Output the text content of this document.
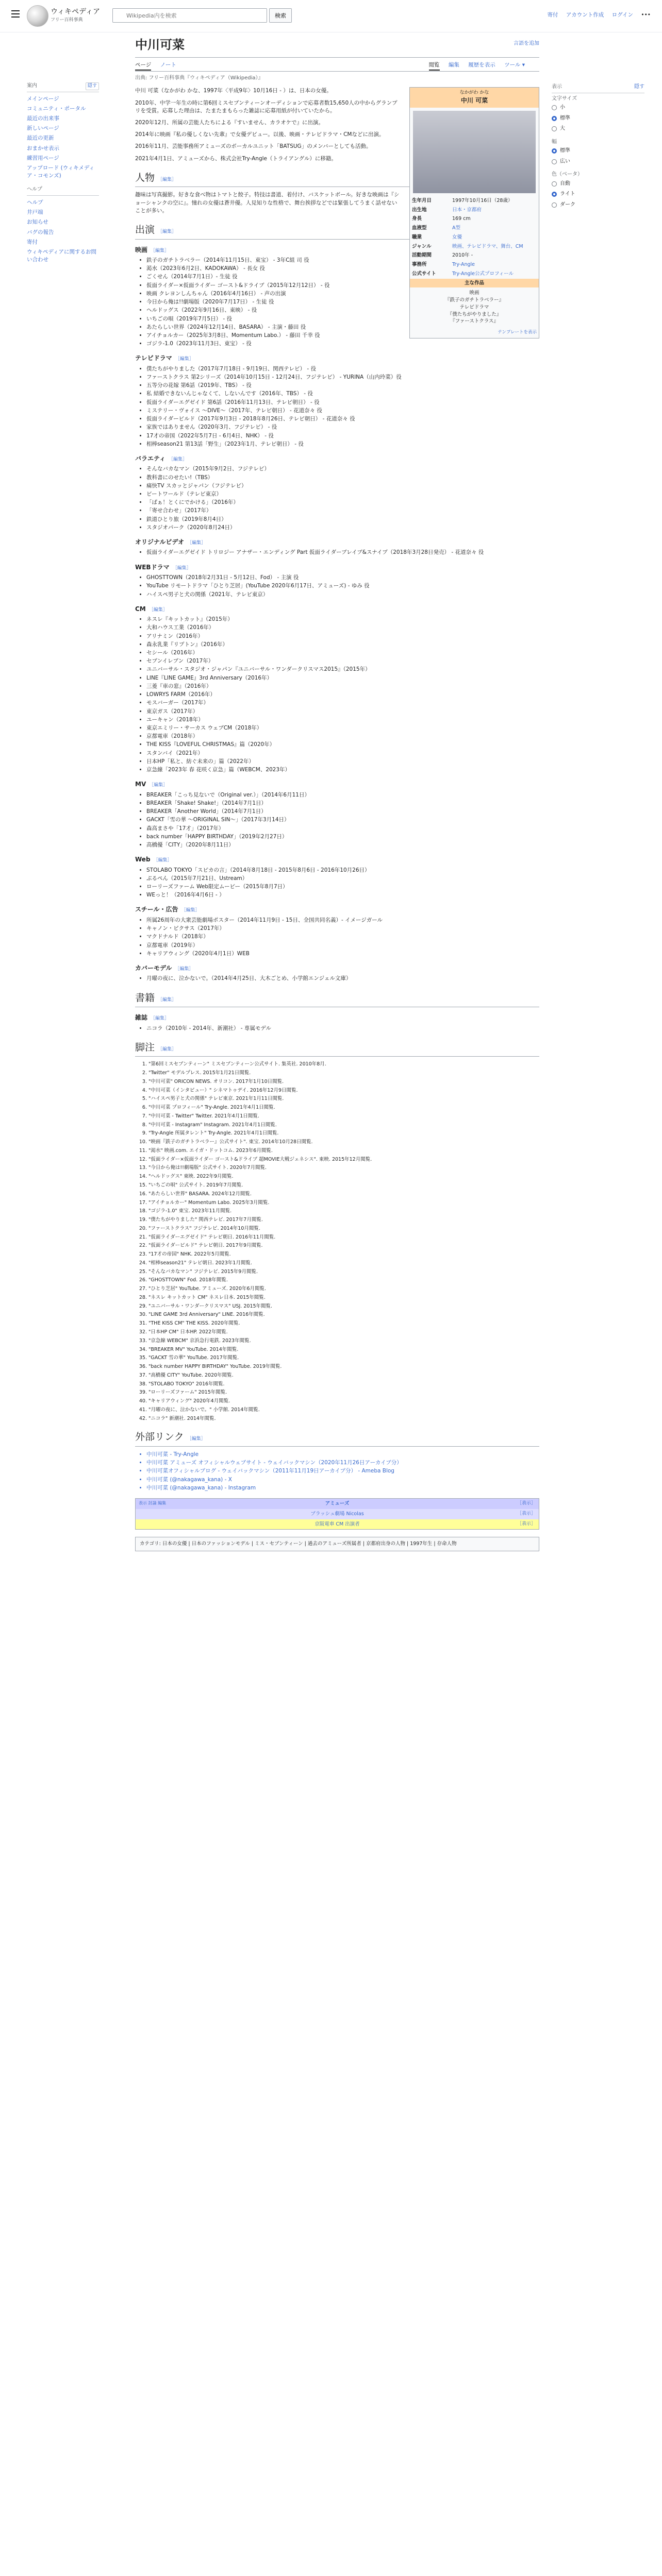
ウィキペディア
フリー百科事典
Wikipedia内を検索
検索	寄付 アカウント作成 ログイン •••
案内	隠す
メインページ
コミュニティ・ポータル
最近の出来事
新しいページ
最近の更新
おまかせ表示
練習用ページ
アップロード (ウィキメディア・コモンズ)
ヘルプ
ヘルプ
井戸端
お知らせ
バグの報告
寄付
ウィキペディアに関するお問い合わせ
表示	隠す
文字サイズ
小
標準
大
幅
標準
広い
色（ベータ）
自動
ライト
ダーク
中川可菜	言語を追加
ページ ノート	閲覧 編集 履歴を表示 ツール ▾
出典: フリー百科事典『ウィキペディア（Wikipedia）』
なかがわ かな
中川 可菜
生年月日	1997年10月16日（28歳）
出生地	日本・京都府
身長	169 cm
血液型	A型
職業	女優
ジャンル	映画、テレビドラマ、舞台、CM
活動期間	2010年 -
事務所	Try-Angle
公式サイト	Try-Angle公式プロフィール
主な作品
映画
『鉄子のガチトラベラー』
テレビドラマ
『僕たちがやりました』
『ファーストクラス』
テンプレートを表示

中川 可菜（なかがわ かな、1997年〈平成9年〉10月16日 - ）は、日本の女優。

2010年、中学一年生の時に第6回ミスセブンティーンオーディションで応募者数15,650人の中からグランプリを受賞。応募した理由は、たまたまもらった雑誌に応募用紙が付いていたから。

2020年12月、所属の芸能人たちによる『すいません、カラオケで』に出演。

2014年に映画『私の優しくない先輩』で女優デビュー。以後、映画・テレビドラマ・CMなどに出演。

2016年11月、芸能事務所アミューズのボーカルユニット「BATSUG」のメンバーとしても活動。

2021年4月1日、アミューズから、株式会社Try-Angle（トライアングル）に移籍。

人物 ［編集］

趣味は写真撮影。好きな食べ物はトマトと餃子。特技は書道、着付け、バスケットボール。好きな映画は『ショーシャンクの空に』。憧れの女優は蒼井優。人見知りな性格で、舞台挨拶などでは緊張してうまく話せないことが多い。

出演 ［編集］
映画 ［編集］
• 鉄子のガチトラベラー（2014年11月15日、東宝） - 3年C組 司 役
• 渇水（2023年6月2日、KADOKAWA） - 長女 役
• ごくせん（2014年7月1日）- 生徒 役
• 仮面ライダー×仮面ライダー ゴースト&ドライブ（2015年12月12日） - 役
• 映画 クレヨンしんちゃん（2016年4月16日） - 声の出演
• 今日から俺は!!劇場版（2020年7月17日） - 生徒 役
• ヘルドッグス（2022年9月16日、東映） - 役
• いちごの唄（2019年7月5日） - 役
• あたらしい世界（2024年12月14日、BASARA） - 主演・藤田 役
• アイチョルカー（2025年3月8日、Momentum Labo.） - 藤田 千幸 役
• ゴジラ-1.0（2023年11月3日、東宝） - 役
テレビドラマ ［編集］
• 僕たちがやりました（2017年7月18日 - 9月19日、関西テレビ） - 役
• ファーストクラス 第2シリーズ（2014年10月15日 - 12月24日、フジテレビ） - YURINA（山内玲菜）役
• 五等分の花嫁 第6話（2019年、TBS） - 役
• 私 結婚できないんじゃなくて、しないんです（2016年、TBS） - 役
• 仮面ライダーエグゼイド 第6話（2016年11月13日、テレビ朝日） - 役
• ミステリー・ヴォイス ～DIVE～（2017年、テレビ朝日） - 花道奈々 役
• 仮面ライダービルド（2017年9月3日 - 2018年8月26日、テレビ朝日） - 花道奈々 役
• 家族ではありません（2020年3月、フジテレビ） - 役
• 17才の帝国（2022年5月7日 - 6月4日、NHK） - 役
• 相棒season21 第13話「野生」（2023年1月、テレビ朝日） - 役
バラエティ ［編集］
• そんなバカなマン（2015年9月2日、フジテレビ）
• 教科書にのせたい!（TBS）
• 痛快TV スカッとジャパン（フジテレビ）
• ビートワールド（テレビ東京）
• 「ぱぁ！とくにでかける」（2016年）
• 「寄せ合わせ」（2017年）
• 鉄道ひとり旅（2019年8月4日）
• スタジオパーク（2020年8月24日）
オリジナルビデオ ［編集］
• 仮面ライダーエグゼイド トリロジー アナザー・エンディング Part 仮面ライダーブレイブ&スナイプ（2018年3月28日発売） - 花道奈々 役
WEBドラマ ［編集］
• GHOSTTOWN（2018年2月31日 - 5月12日、Fod） - 主演 役
• YouTube リモートドラマ「ひとり芝居」(YouTube 2020年6月17日、アミューズ) - ゆみ 役
• ハイスペ男子と犬の関係（2021年、テレビ東京）
CM ［編集］
• ネスレ『キットカット』（2015年）
• 大和ハウス工業（2016年）
• アリナミン（2016年）
• 森永乳業『リプトン』（2016年）
• セシール（2016年）
• セブンイレブン（2017年）
• ユニバーサル・スタジオ・ジャパン『ユニバーサル・ワンダークリスマス2015』（2015年）
• LINE『LINE GAME』3rd Anniversary（2016年）
• 三菱『車の窓』（2016年）
• LOWRYS FARM（2016年）
• モスバーガー（2017年）
• 東京ガス（2017年）
• ユーキャン（2018年）
• 東京エミリー・サーカス ウェブCM（2018年）
• 京都電車（2018年）
• THE KISS『LOVEFUL CHRISTMAS』篇（2020年）
• スタンバイ（2021年）
• 日本HP「私と、紡ぐ未来の」篇（2022年）
• 京急線「2023年 春 花咲く京急」篇（WEBCM、2023年）
MV ［編集］
• BREAKER「こっち見ないで（Original ver.）」（2014年6月11日）
• BREAKER「Shake! Shake!」（2014年7月1日）
• BREAKER「Another World」（2014年7月1日）
• GACKT「雪の華 ～ORIGINAL SIN～」（2017年3月14日）
• 森高まさや「17才」（2017年）
• back number「HAPPY BIRTHDAY」（2019年2月27日）
• 高橋優「CITY」（2020年8月11日）
Web ［編集］
• STOLABO TOKYO「スピカの言」（2014年8月18日 - 2015年8月6日 - 2016年10月26日）
• ぶるぺん（2015年7月21日、Ustream）
• ローリーズファーム Web限定ムービー（2015年8月7日）
• WEっと！（2016年4月6日 - ）
スチール・広告 ［編集］
• 所属26周年の大衆芸能劇場ポスター（2014年11月9日 - 15日、全国共同名義）- イメージガール
• キャノン・ピクサス（2017年）
• マクドナルド（2018年）
• 京都電車（2019年）
• キャリアウィング（2020年4月1日）WEB
カバーモデル ［編集］
• 月曜の夜に、泣かないで。（2014年4月25日、大木ごとめ、小学館エンジェル文庫）
書籍 ［編集］
雑誌 ［編集］
• ニコラ（2010年 - 2014年、新潮社） - 専属モデル
脚注 ［編集］
1. "第6回ミスセブンティーン" ミスセブンティーン公式サイト. 集英社. 2010年8月.
2. "Twitter" モデルプレス. 2015年1月21日閲覧.
3. "中川可菜" ORICON NEWS. オリコン. 2017年1月10日閲覧.
4. "中川可菜（インタビュー）" シネマトゥデイ. 2016年12月9日閲覧.
5. "ハイスペ男子と犬の関係" テレビ東京. 2021年1月11日閲覧.
6. "中川可菜 プロフィール" Try-Angle. 2021年4月1日閲覧.
7. "中川可菜 - Twitter" Twitter. 2021年4月1日閲覧.
8. "中川可菜 - Instagram" Instagram. 2021年4月1日閲覧.
9. "Try-Angle 所属タレント" Try-Angle. 2021年4月1日閲覧.
10. "映画『鉄子のガチトラベラー』公式サイト". 東宝. 2014年10月28日閲覧.
11. "渇水" 映画.com. エイガ・ドットコム. 2023年6月閲覧.
12. "仮面ライダー×仮面ライダー ゴースト&ドライブ 超MOVIE大戦ジェネシス". 東映. 2015年12月閲覧.
13. "今日から俺は!!劇場版" 公式サイト. 2020年7月閲覧.
14. "ヘルドッグス" 東映. 2022年9月閲覧.
15. "いちごの唄" 公式サイト. 2019年7月閲覧.
16. "あたらしい世界" BASARA. 2024年12月閲覧.
17. "アイチョルカー" Momentum Labo. 2025年3月閲覧.
18. "ゴジラ-1.0" 東宝. 2023年11月閲覧.
19. "僕たちがやりました" 関西テレビ. 2017年7月閲覧.
20. "ファーストクラス" フジテレビ. 2014年10月閲覧.
21. "仮面ライダーエグゼイド" テレビ朝日. 2016年11月閲覧.
22. "仮面ライダービルド" テレビ朝日. 2017年9月閲覧.
23. "17才の帝国" NHK. 2022年5月閲覧.
24. "相棒season21" テレビ朝日. 2023年1月閲覧.
25. "そんなバカなマン" フジテレビ. 2015年9月閲覧.
26. "GHOSTTOWN" Fod. 2018年閲覧.
27. "ひとり芝居" YouTube. アミューズ. 2020年6月閲覧.
28. "ネスレ キットカット CM" ネスレ日本. 2015年閲覧.
29. "ユニバーサル・ワンダークリスマス" USJ. 2015年閲覧.
30. "LINE GAME 3rd Anniversary" LINE. 2016年閲覧.
31. "THE KISS CM" THE KISS. 2020年閲覧.
32. "日本HP CM" 日本HP. 2022年閲覧.
33. "京急線 WEBCM" 京浜急行電鉄. 2023年閲覧.
34. "BREAKER MV" YouTube. 2014年閲覧.
35. "GACKT 雪の華" YouTube. 2017年閲覧.
36. "back number HAPPY BIRTHDAY" YouTube. 2019年閲覧.
37. "高橋優 CITY" YouTube. 2020年閲覧.
38. "STOLABO TOKYO" 2016年閲覧.
39. "ローリーズファーム" 2015年閲覧.
40. "キャリアウィング" 2020年4月閲覧.
41. "月曜の夜に、泣かないで。" 小学館. 2014年閲覧.
42. "ニコラ" 新潮社. 2014年閲覧.
外部リンク ［編集］
• 中川可菜 - Try-Angle
• 中川可菜 アミューズ オフィシャルウェブサイト - ウェイバックマシン（2020年11月26日アーカイブ分）
• 中川可菜オフィシャルブログ - ウェイバックマシン（2011年11月19日アーカイブ分） - Ameba Blog
• 中川可菜 (@nakagawa_kana) - X
• 中川可菜 (@nakagawa_kana) - Instagram
表示 討論 編集	アミューズ	［表示］
ブラッシュ劇場 Nicolas	［表示］
京阪電車 CM 出演者	［表示］
カテゴリ: 日本の女優 | 日本のファッションモデル | ミス・セブンティーン | 過去のアミューズ所属者 | 京都府出身の人物 | 1997年生 | 存命人物
